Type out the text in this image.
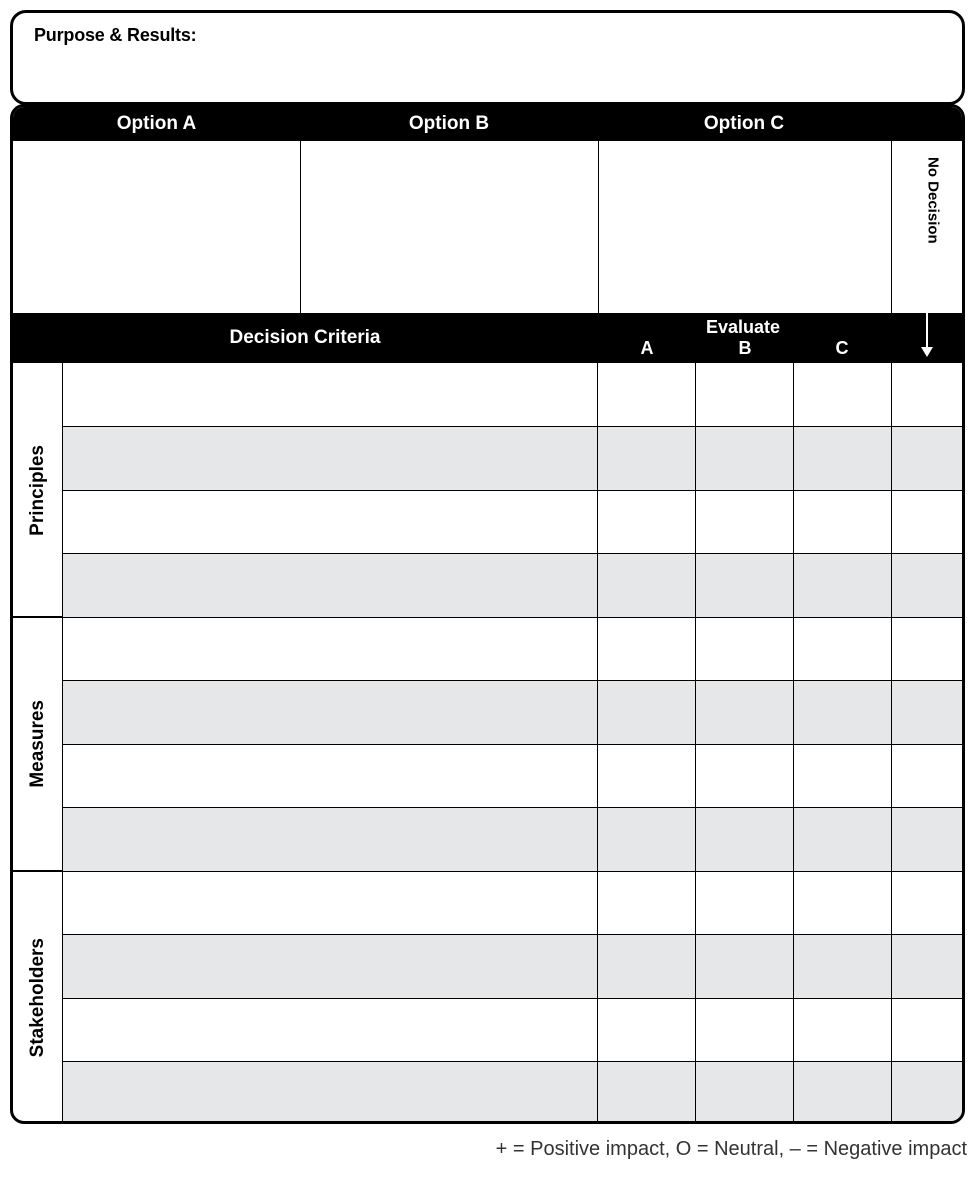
Purpose & Results:
Option A	Option B	Option C
No Decision
Decision Criteria	Evaluate
A	B	C
Principles
Measures
Stakeholders
+ = Positive impact, O = Neutral, – = Negative impact
